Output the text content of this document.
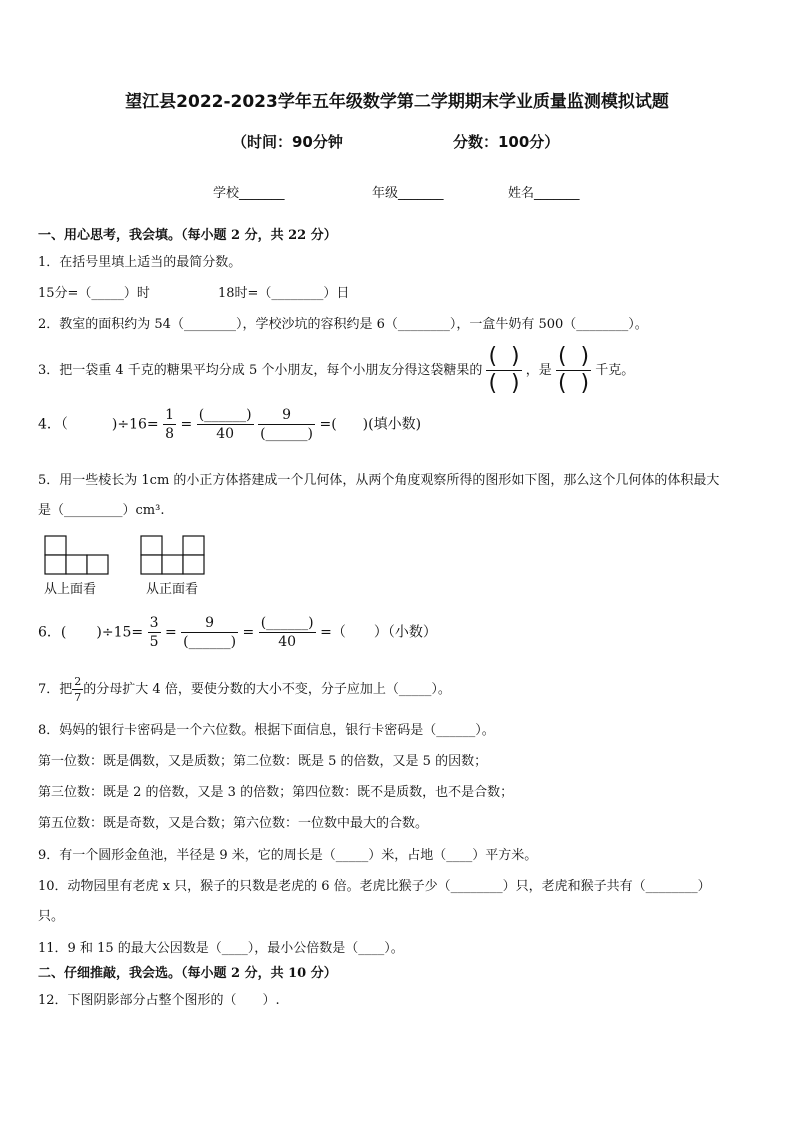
望江县2022-2023学年五年级数学第二学期期末学业质量监测模拟试题
（时间：90分钟	分数：100分）
学校_______	年级_______	姓名_______
一、用心思考，我会填。（每小题 2 分，共 22 分）
1．在括号里填上适当的最简分数。
15分=（_____）时	18时=（________）日
2．教室的面积约为 54（________），学校沙坑的容积约是 6（________），一盒牛奶有 500（________）。
3．把一袋重 4 千克的糖果平均分成 5 个小朋友，每个小朋友分得这袋糖果的 $\frac{( )}{( )}$ ，是 $\frac{( )}{( )}$ 千克。
4．（	)$\div 16= \frac{1}{8} = \frac{(\_\_\_\_\_\_)}{40}$
$\frac{9}{(\_\_\_\_\_\_)}$ =( )(填小数)
5．用一些棱长为 1cm 的小正方体搭建成一个几何体，从两个角度观察所得的图形如下图，那么这个几何体的体积最大
是（_________）cm³.
从上面看	从正面看
6．( )$\div 15= \frac{3}{5} = \frac{9}{(\_\_\_\_\_\_)} = \frac{(\_\_\_\_\_\_)}{40}$ =（　　）（小数）
7．把 $\frac{2}{7}$ 的分母扩大 4 倍，要使分数的大小不变，分子应加上（_____）。
8．妈妈的银行卡密码是一个六位数。根据下面信息，银行卡密码是（______）。
第一位数：既是偶数，又是质数；第二位数：既是 5 的倍数，又是 5 的因数；
第三位数：既是 2 的倍数，又是 3 的倍数；第四位数：既不是质数，也不是合数；
第五位数：既是奇数，又是合数；第六位数：一位数中最大的合数。
9．有一个圆形金鱼池，半径是 9 米，它的周长是（_____）米，占地（____）平方米。
10．动物园里有老虎 x 只，猴子的只数是老虎的 6 倍。老虎比猴子少（________）只，老虎和猴子共有（________）
只。
11．9 和 15 的最大公因数是（____），最小公倍数是（____）。
二、仔细推敲，我会选。（每小题 2 分，共 10 分）
12．下图阴影部分占整个图形的（　　）.
